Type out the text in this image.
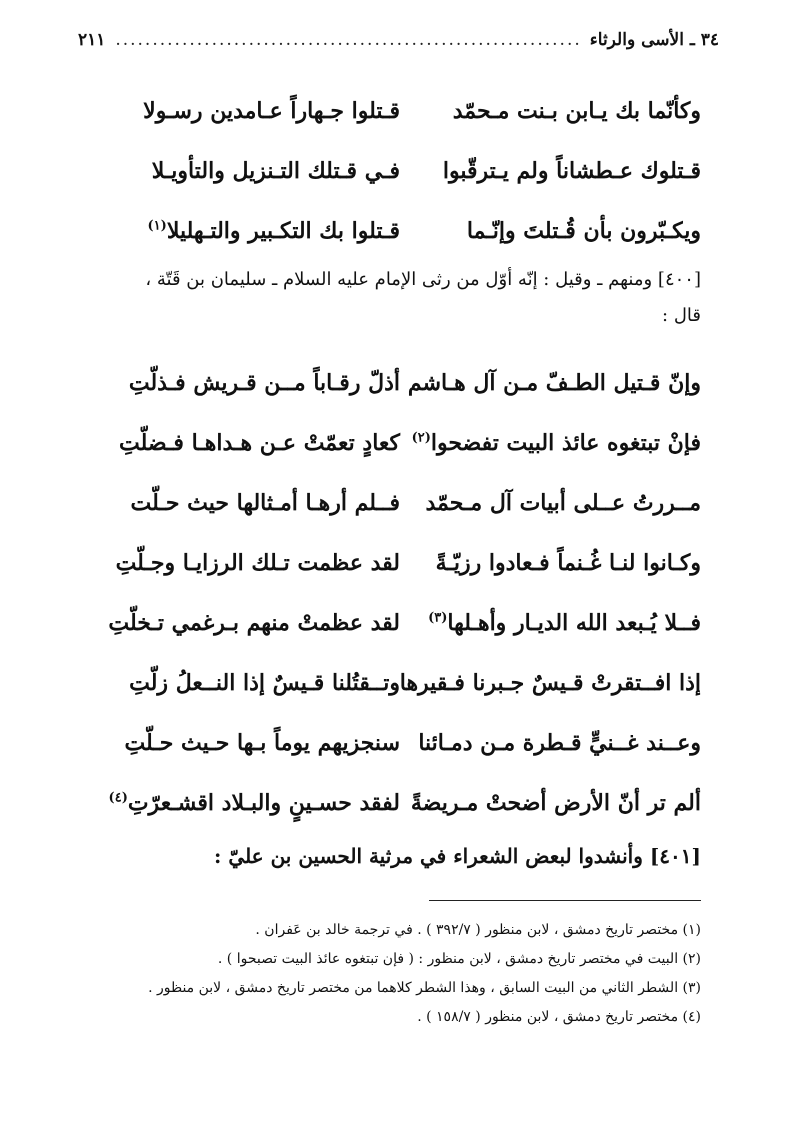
٣٤ ـ الأسى والرثاء
.....
٢١١
وكأنّما بك يـابن بـنت مـحمّد
قـتلوا جـهاراً عـامدين رسـولا
قـتلوك عـطشاناً ولم يـترقّبوا
فـي قـتلك التـنزيل والتأويـلا
ويكـبّرون بأن قُـتلتَ وإنّـما
قـتلوا بك التكـبير والتـهليلا$^{(١)}$
[٤٠٠] ومنهم ـ وقيل : إنّه أوّل من رثى الإمام عليه السلام ـ سليمان بن قَتّة ،
قال :
وإنّ قـتيل الطـفّ مـن آل هـاشم
أذلّ رقـاباً مــن قـريش فـذلّتِ
فإنْ تبتغوه عائذ البيت تفضحوا$^{(٢)}$
كعادٍ تعمّتْ عـن هـداهـا فـضلّتِ
مــررتُ عــلى أبيات آل مـحمّد
فــلم أرهـا أمـثالها حيث حـلّت
وكـانوا لنـا غُـنماً فـعادوا رزيّـةً
لقد عظمت تـلك الرزايـا وجـلّتِ
فــلا يُـبعد الله الديـار وأهـلها$^{(٣)}$
لقد عظمتْ منهم بـرغمي تـخلّتِ
إذا افــتقرتْ قـيسٌ جـبرنا فـقيرها
وتــقتُلنا قـيسٌ إذا النــعلُ زلّتِ
وعــند غــنيٍّ قـطرة مـن دمـائنا
سنجزيهم يوماً بـها حـيث حـلّتِ
ألم تر أنّ الأرض أضحتْ مـريضةً
لفقد حسـينٍ والبـلاد اقشـعرّتِ$^{(٤)}$
[٤٠١] وأنشدوا لبعض الشعراء في مرثية الحسين بن عليّ :
(١) مختصر تاريخ دمشق ، لابن منظور ( ٣٩٢/٧ ) . في ترجمة خالد بن عَفران .
(٢) البيت في مختصر تاريخ دمشق ، لابن منظور : ( فإن تبتغوه عائذ البيت تصبحوا ) .
(٣) الشطر الثاني من البيت السابق ، وهذا الشطر كلاهما من مختصر تاريخ دمشق ، لابن منظور .
(٤) مختصر تاريخ دمشق ، لابن منظور ( ١٥٨/٧ ) .
